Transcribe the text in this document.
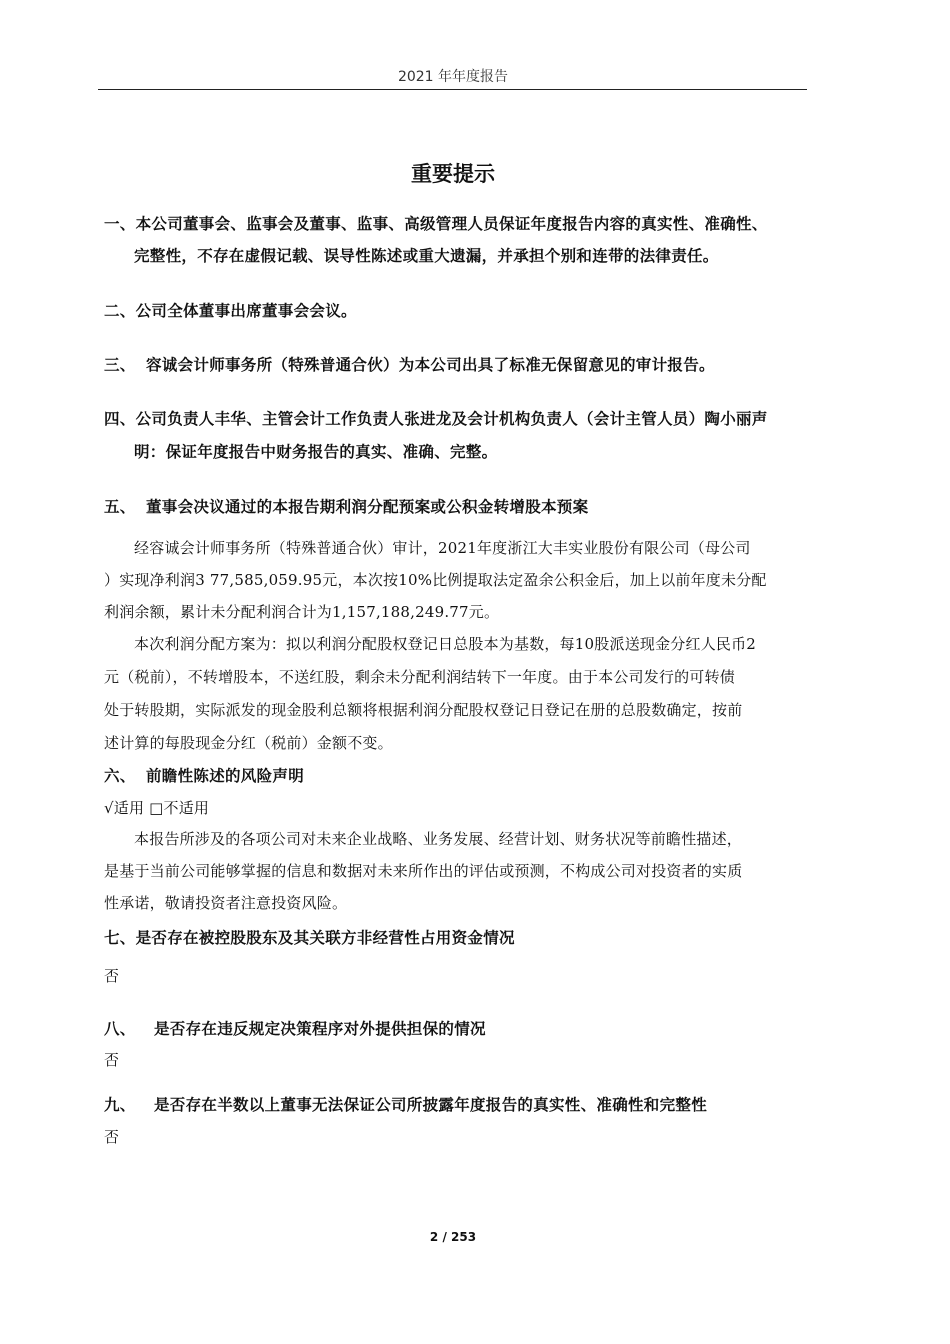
2021 年年度报告
重要提示
一、本公司董事会、监事会及董事、监事、高级管理人员保证年度报告内容的真实性、准确性、
完整性，不存在虚假记载、误导性陈述或重大遗漏，并承担个别和连带的法律责任。
二、公司全体董事出席董事会会议。
三、 容诚会计师事务所（特殊普通合伙）为本公司出具了标准无保留意见的审计报告。
四、公司负责人丰华、主管会计工作负责人张进龙及会计机构负责人（会计主管人员）陶小丽声
明：保证年度报告中财务报告的真实、准确、完整。
五、 董事会决议通过的本报告期利润分配预案或公积金转增股本预案
经容诚会计师事务所（特殊普通合伙）审计，2021年度浙江大丰实业股份有限公司（母公司
）实现净利润3 77,585,059.95元，本次按10%比例提取法定盈余公积金后，加上以前年度未分配
利润余额，累计未分配利润合计为1,157,188,249.77元。
本次利润分配方案为：拟以利润分配股权登记日总股本为基数，每10股派送现金分红人民币2
元（税前），不转增股本，不送红股，剩余未分配利润结转下一年度。由于本公司发行的可转债
处于转股期，实际派发的现金股利总额将根据利润分配股权登记日登记在册的总股数确定，按前
述计算的每股现金分红（税前）金额不变。
六、 前瞻性陈述的风险声明
√适用 □不适用
本报告所涉及的各项公司对未来企业战略、业务发展、经营计划、财务状况等前瞻性描述，
是基于当前公司能够掌握的信息和数据对未来所作出的评估或预测，不构成公司对投资者的实质
性承诺，敬请投资者注意投资风险。
七、是否存在被控股股东及其关联方非经营性占用资金情况
否
八、 是否存在违反规定决策程序对外提供担保的情况
否
九、 是否存在半数以上董事无法保证公司所披露年度报告的真实性、准确性和完整性
否
2 / 253
